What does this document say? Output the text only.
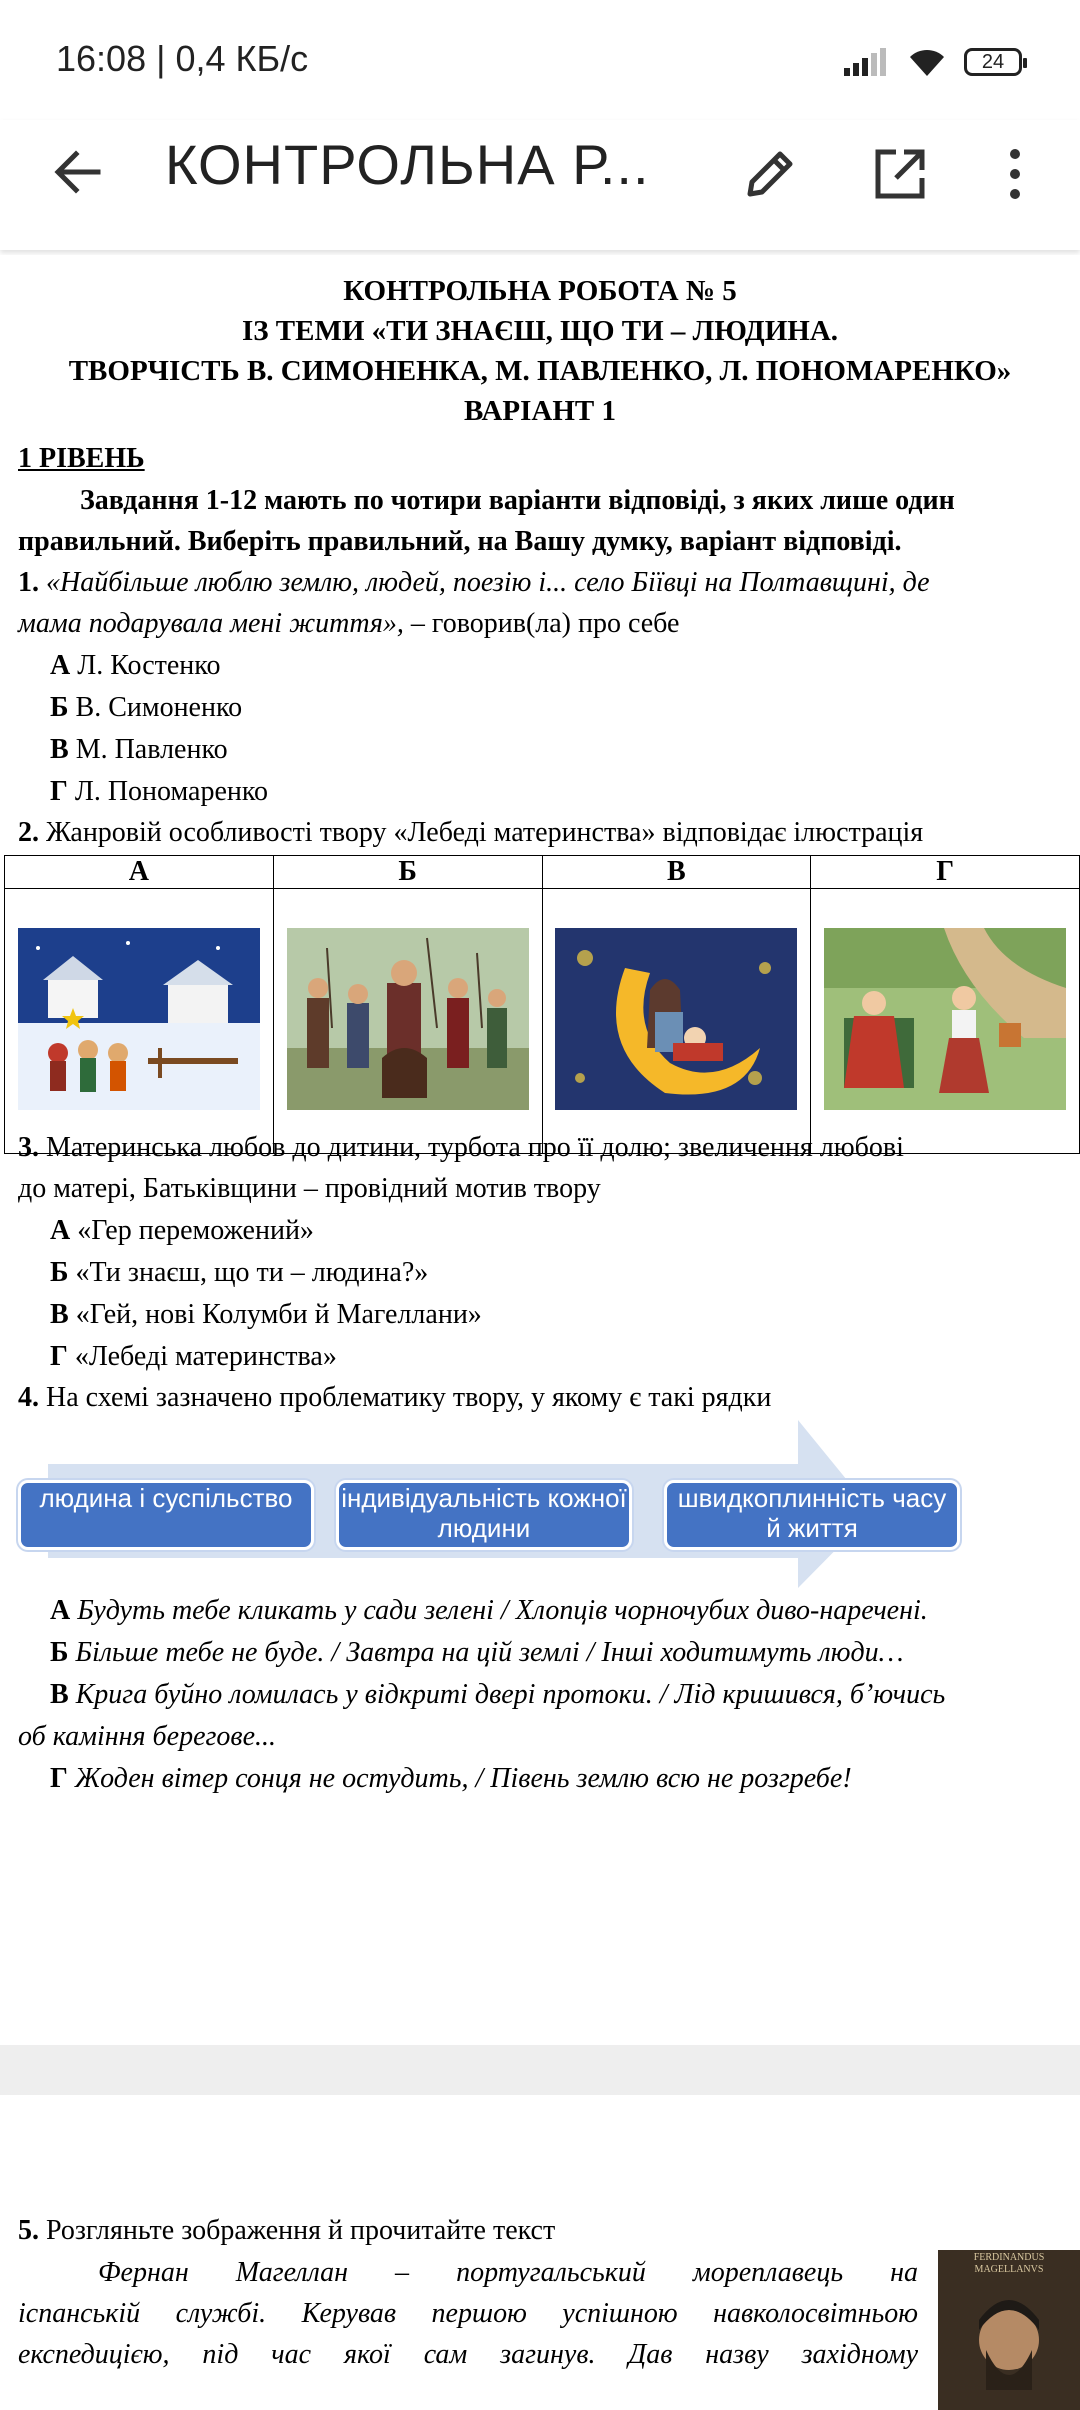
16:08 | 0,4 КБ/с	24
КОНТРОЛЬНА Р...
КОНТРОЛЬНА РОБОТА № 5
ІЗ ТЕМИ «ТИ ЗНАЄШ, ЩО ТИ – ЛЮДИНА.
ТВОРЧІСТЬ В. СИМОНЕНКА, М. ПАВЛЕНКО, Л. ПОНОМАРЕНКО»
ВАРІАНТ 1
1 РІВЕНЬ
Завдання 1-12 мають по чотири варіанти відповіді, з яких лише один
правильний. Виберіть правильний, на Вашу думку, варіант відповіді.
1. «Найбільше люблю землю, людей, поезію і... село Біївці на Полтавщині, де
мама подарувала мені життя», – говорив(ла) про себе
А Л. Костенко
Б В. Симоненко
В М. Павленко
Г Л. Пономаренко
2. Жанровій особливості твору «Лебеді материнства» відповідає ілюстрація
А	Б	В	Г

3. Материнська любов до дитини, турбота про її долю; звеличення любові
до матері, Батьківщини – провідний мотив твору
А «Гер переможений»
Б «Ти знаєш, що ти – людина?»
В «Гей, нові Колумби й Магеллани»
Г «Лебеді материнства»
4. На схемі зазначено проблематику твору, у якому є такі рядки
людина і суспільство	індивідуальність кожної людини
швидкоплинність часу й життя
А Будуть тебе кликать у сади зелені / Хлопців чорночубих диво-наречені.
Б Більше тебе не буде. / Завтра на цій землі / Інші ходитимуть люди…
В Крига буйно ломилась у відкриті двері протоки. / Лід кришився, б’ючись
об каміння берегове...
Г Жоден вітер сонця не остудить, / Півень землю всю не розгребе!
5. Розгляньте зображення й прочитайте текст
Фернан Магеллан – португальський мореплавець на
іспанській службі. Керував першою успішною навколосвітньою
експедицією, під час якої сам загинув. Дав назву західному
FERDINANDUS MAGELLANVS
